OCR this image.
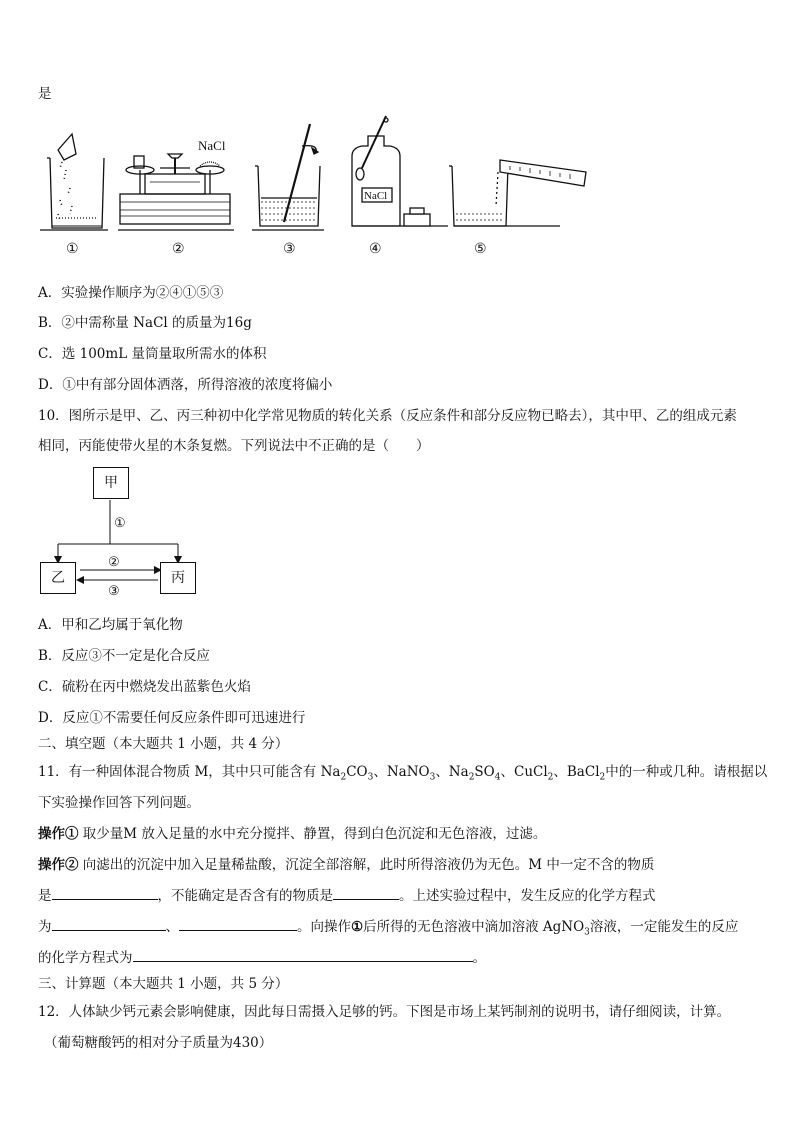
是
NaCl
NaCl
①	②	③	④	⑤
A．实验操作顺序为②④①⑤③
B．②中需称量 NaCl 的质量为16g
C．选 100mL 量筒量取所需水的体积
D．①中有部分固体洒落，所得溶液的浓度将偏小
10．图所示是甲、乙、丙三种初中化学常见物质的转化关系（反应条件和部分反应物已略去），其中甲、乙的组成元素
相同，丙能使带火星的木条复燃。下列说法中不正确的是（　　）
甲
乙	丙
①
②
③
A．甲和乙均属于氧化物
B．反应③不一定是化合反应
C．硫粉在丙中燃烧发出蓝紫色火焰
D．反应①不需要任何反应条件即可迅速进行
二、填空题（本大题共 1 小题，共 4 分）
11．有一种固体混合物质 M，其中只可能含有 $Na_2CO_3$、NaNO$_3$、$Na_2SO_4$、CuCl$_2$、BaCl$_2$中的一种或几种。请根据以
下实验操作回答下列问题。
操作① 取少量M 放入足量的水中充分搅拌、静置，得到白色沉淀和无色溶液，过滤。
操作② 向滤出的沉淀中加入足量稀盐酸，沉淀全部溶解，此时所得溶液仍为无色。M 中一定不含的物质
是	，不能确定是否含有的物质是	。上述实验过程中，发生反应的化学方程式
为	、	。向操作①后所得的无色溶液中滴加溶液 AgNO$_3$溶液，一定能发生的反应
的化学方程式为	。
三、计算题（本大题共 1 小题，共 5 分）
12．人体缺少钙元素会影响健康，因此每日需摄入足够的钙。下图是市场上某钙制剂的说明书，请仔细阅读，计算。
（葡萄糖酸钙的相对分子质量为430）
